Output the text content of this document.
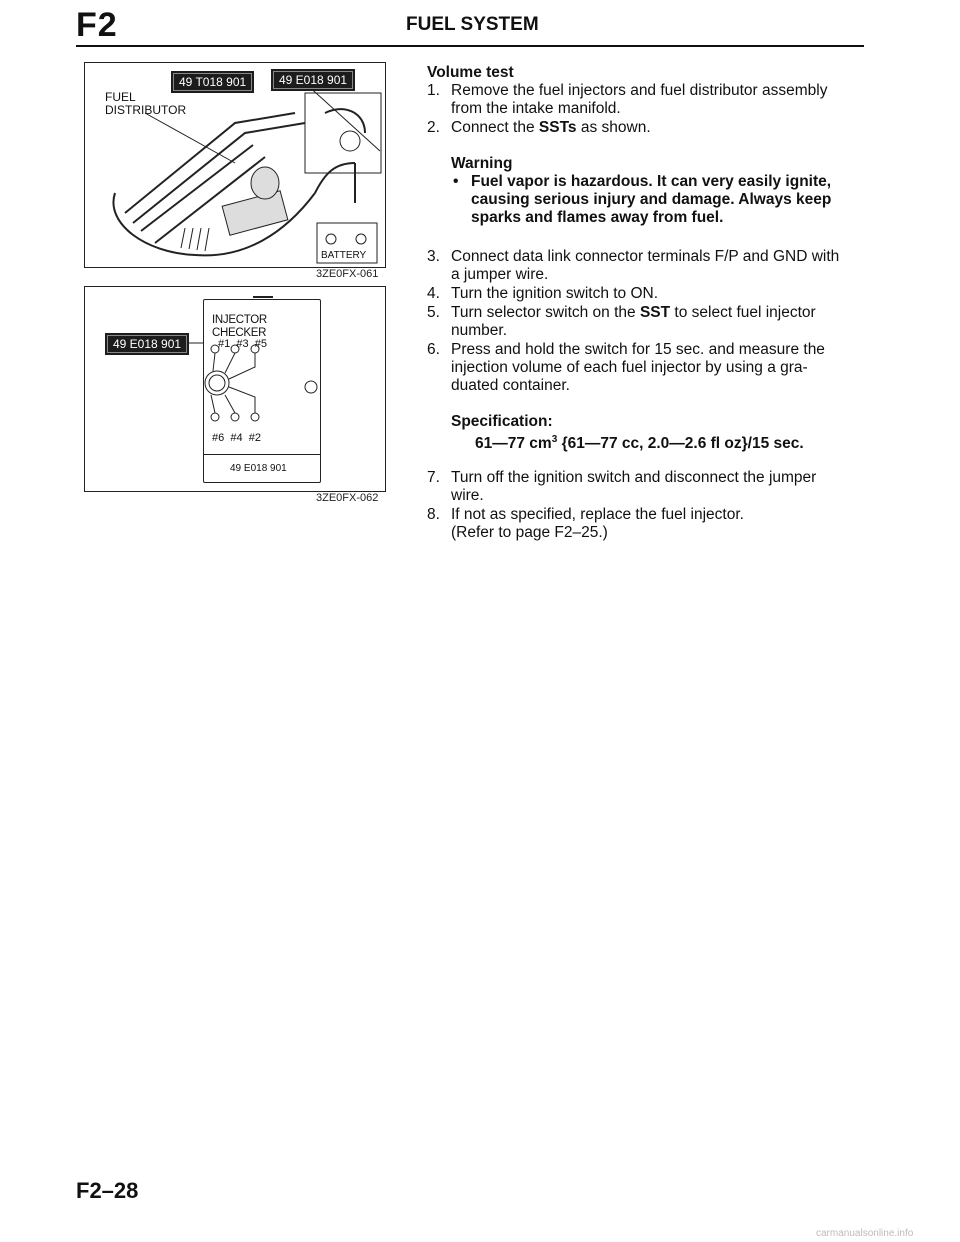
F2	FUEL SYSTEM
49 T018 901	49 E018 901
FUEL
DISTRIBUTOR
BATTERY
3ZE0FX-061
49 E018 901
INJECTOR CHECKER
#1 #3 #5
#6 #4 #2
49 E018 901
3ZE0FX-062
Volume test
1. Remove the fuel injectors and fuel distributor assembly
from the intake manifold.
2. Connect the SSTs as shown.
Warning
• Fuel vapor is hazardous. It can very easily ignite,
causing serious injury and damage. Always keep
sparks and flames away from fuel.
3. Connect data link connector terminals F/P and GND with
a jumper wire.
4. Turn the ignition switch to ON.
5. Turn selector switch on the SST to select fuel injector
number.
6. Press and hold the switch for 15 sec. and measure the
injection volume of each fuel injector by using a gra-
duated container.
Specification:
61—77 $cm^3$ {61—77 cc, 2.0—2.6 fl oz}/15 sec.
7. Turn off the ignition switch and disconnect the jumper
wire.
8. If not as specified, replace the fuel injector.
(Refer to page F2–25.)
F2–28
carmanualsonline.info
